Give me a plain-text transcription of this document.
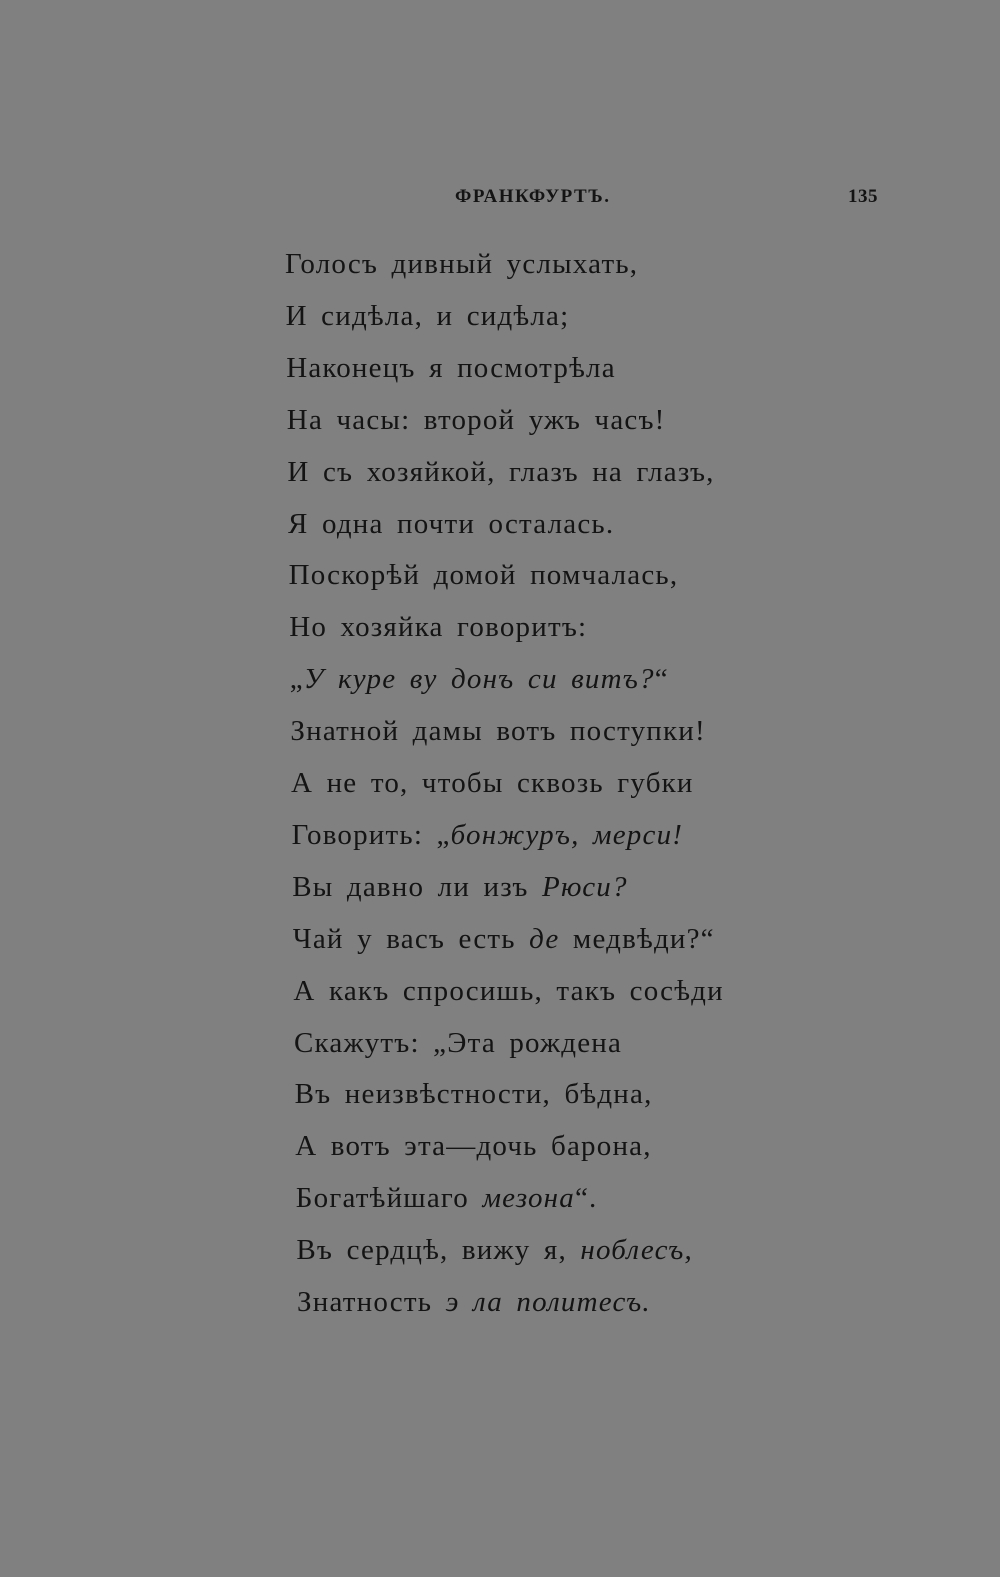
ФРАНКФУРТЪ.	135
Голосъ дивный услыхать,
И сидѣла, и сидѣла;
Наконецъ я посмотрѣла
На часы: второй ужъ часъ!
И съ хозяйкой, глазъ на глазъ,
Я одна почти осталась.
Поскорѣй домой помчалась,
Но хозяйка говоритъ:
„У куре ву донъ си витъ?“
Знатной дамы вотъ поступки!
А не то, чтобы сквозь губки
Говорить: „бонжуръ, мерси!
Вы давно ли изъ Рюси?
Чай у васъ есть де медвѣди?“
А какъ спросишь, такъ сосѣди
Скажутъ: „Эта рождена
Въ неизвѣстности, бѣдна,
А вотъ эта—дочь барона,
Богатѣйшаго мезона“.
Въ сердцѣ, вижу я, ноблесъ,
Знатность э ла политесъ.
